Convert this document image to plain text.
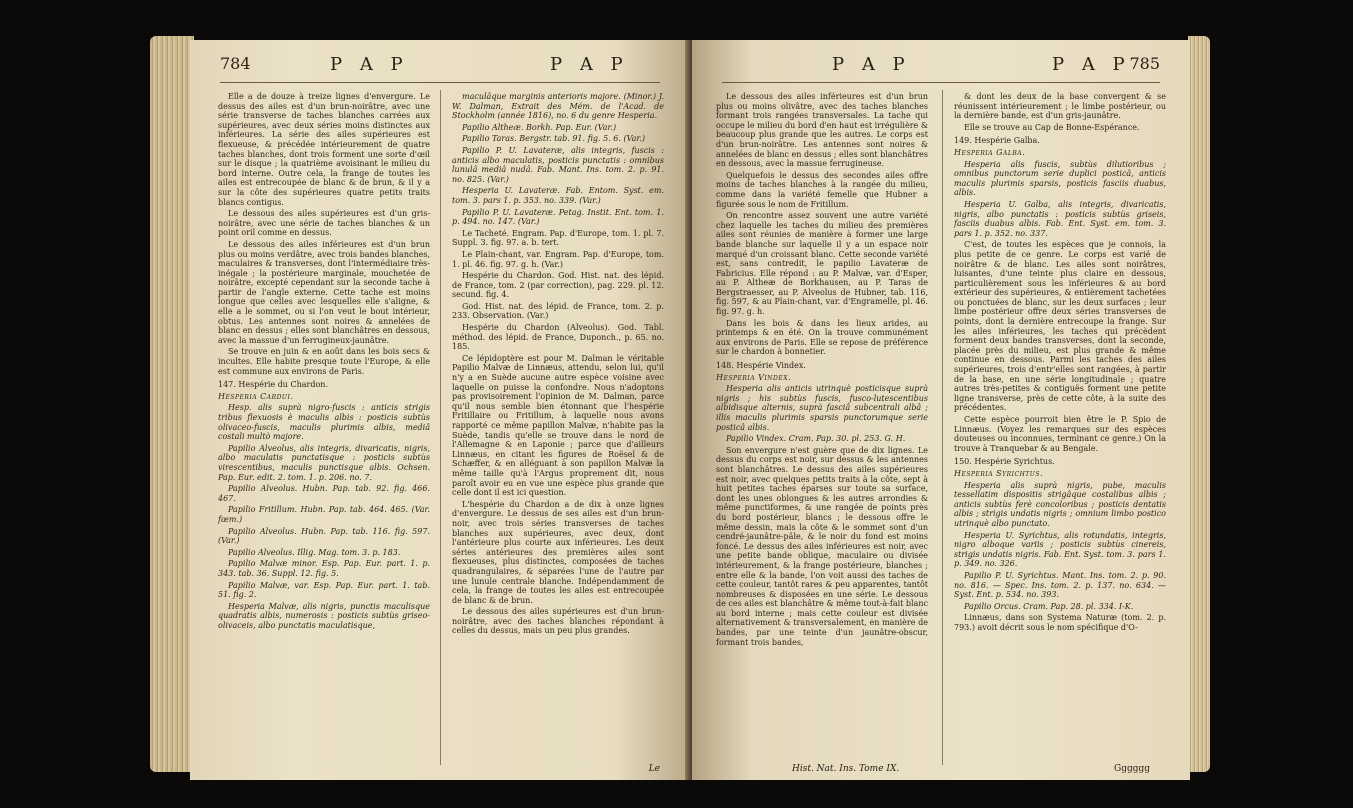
784	P A P	P A P

Elle a de douze à treize lignes d'envergure. Le dessus des ailes est d'un brun-noirâtre, avec une série transverse de taches blanches carrées aux supérieures, avec deux séries moins distinctes aux inférieures. La série des ailes supérieures est flexueuse, & précédée intérieurement de quatre taches blanches, dont trois forment une sorte d'œil sur le disque ; la quatrième avoisinant le milieu du bord interne. Outre cela, la frange de toutes les ailes est entrecoupée de blanc & de brun, & il y a sur la côte des supérieures quatre petits traits blancs contigus.

Le dessous des ailes supérieures est d'un gris-noirâtre, avec une série de taches blanches & un point oril comme en dessus.

Le dessous des ailes inférieures est d'un brun plus ou moins verdâtre, avec trois bandes blanches, maculaires & transverses, dont l'intermédiaire très-inégale ; la postérieure marginale, mouchetée de noirâtre, excepté cependant sur la seconde tache à partir de l'angle externe. Cette tache est moins longue que celles avec lesquelles elle s'aligne, & elle a le sommet, ou si l'on veut le bout intérieur, obtus. Les antennes sont noires & annelées de blanc en dessus ; elles sont blanchâtres en dessous, avec la massue d'un ferrugineux-jaunâtre.

Se trouve en juin & en août dans les bois secs & incultes. Elle habite presque toute l'Europe, & elle est commune aux environs de Paris.

147. Hespérie du Chardon.

Hesperia Cardui.

Hesp. alis suprà nigro-fuscis : anticis strigis tribus flexuosis è maculis albis : posticis subtùs olivaceo-fuscis, maculis plurimis albis, mediâ costali multò majore.

Papilio Alveolus, alis integris, divaricatis, nigris, albo maculatis punctatisque : posticis subtùs virescentibus, maculis punctisque albis. Ochsen. Pap. Eur. edit. 2. tom. 1. p. 206. no. 7.

Papilio Alveolus. Hubn. Pap. tab. 92. fig. 466. 467.

Papilio Fritillum. Hubn. Pap. tab. 464. 465. (Var. fœm.)

Papilio Alveolus. Hubn. Pap. tab. 116. fig. 597. (Var.)

Papilio Alveolus. Illig. Mag. tom. 3. p. 183.

Papilio Malvæ minor. Esp. Pap. Eur. part. 1. p. 343. tab. 36. Suppl. 12. fig. 5.

Papilio Malvæ, var. Esp. Pap. Eur. part. 1. tab. 51. fig. 2.

Hesperia Malvæ, alis nigris, punctis maculisque quadratis albis, numerosis : posticis subtùs griseo-olivaceis, albo punctatis maculatisque,

maculâque marginis anterioris majore. (Minor.) J. W. Dalman, Extrait des Mém. de l'Acad. de Stockholm (année 1816), no. 6 du genre Hesperia.

Papilio Altheæ. Borkh. Pap. Eur. (Var.)

Papilio Taras. Bergstr. tab. 91. fig. 5. 6. (Var.)

Papilio P. U. Lavateræ, alis integris, fuscis : anticis albo maculatis, posticis punctatis : omnibus lunulâ mediâ nudâ. Fab. Mant. Ins. tom. 2. p. 91. no. 825. (Var.)

Hesperia U. Lavateræ. Fab. Entom. Syst. em. tom. 3. pars 1. p. 353. no. 339. (Var.)

Papilio P. U. Lavateræ. Petag. Instit. Ent. tom. 1. p. 494. no. 147. (Var.)

Le Tacheté. Engram. Pap. d'Europe, tom. 1. pl. 7. Suppl. 3. fig. 97. a. b. tert.

Le Plain-chant, var. Engram. Pap. d'Europe, tom. 1. pl. 46. fig. 97. g. h. (Var.)

Hespérie du Chardon. God. Hist. nat. des lépid. de France, tom. 2 (par correction), pag. 229. pl. 12. secund. fig. 4.

God. Hist. nat. des lépid. de France, tom. 2. p. 233. Observation. (Var.)

Hespérie du Chardon (Alveolus). God. Tabl. méthod. des lépid. de France, Duponch., p. 65. no. 185.

Ce lépidoptère est pour M. Dalman le véritable Papilio Malvæ de Linnæus, attendu, selon lui, qu'il n'y a en Suède aucune autre espèce voisine avec laquelle on puisse la confondre. Nous n'adoptons pas provisoirement l'opinion de M. Dalman, parce qu'il nous semble bien étonnant que l'hespérie Fritillaire ou Fritillum, à laquelle nous avons rapporté ce même papillon Malvæ, n'habite pas la Suède, tandis qu'elle se trouve dans le nord de l'Allemagne & en Laponie ; parce que d'ailleurs Linnæus, en citant les figures de Roësel & de Schæffer, & en alléguant à son papillon Malvæ la même taille qu'à l'Argus proprement dit, nous paroît avoir eu en vue une espèce plus grande que celle dont il est ici question.

L'hespérie du Chardon a de dix à onze lignes d'envergure. Le dessus de ses ailes est d'un brun-noir, avec trois séries transverses de taches blanches aux supérieures, avec deux, dont l'antérieure plus courte aux inférieures. Les deux séries antérieures des premières ailes sont flexueuses, plus distinctes, composées de taches quadrangulaires, & séparées l'une de l'autre par une lunule centrale blanche. Indépendamment de cela, la frange de toutes les ailes est entrecoupée de blanc & de brun.

Le dessous des ailes supérieures est d'un brun-noirâtre, avec des taches blanches répondant à celles du dessus, mais un peu plus grandes.

Le
P A P	P A P
785

Le dessous des ailes inférieures est d'un brun plus ou moins olivâtre, avec des taches blanches formant trois rangées transversales. La tache qui occupe le milieu du bord d'en haut est irrégulière & beaucoup plus grande que les autres. Le corps est d'un brun-noirâtre. Les antennes sont noires & annelées de blanc en dessus ; elles sont blanchâtres en dessous, avec la massue ferrugineuse.

Quelquefois le dessus des secondes ailes offre moins de taches blanches à la rangée du milieu, comme dans la variété femelle que Hubner a figurée sous le nom de Fritillum.

On rencontre assez souvent une autre variété chez laquelle les taches du milieu des premières ailes sont réunies de manière à former une large bande blanche sur laquelle il y a un espace noir marqué d'un croissant blanc. Cette seconde variété est, sans contredit, le papilio Lavateræ de Fabricius. Elle répond : au P. Malvæ, var. d'Esper, au P. Altheæ de Borkhausen, au P. Taras de Bergstraesser, au P. Alveolus de Hubner, tab. 116, fig. 597, & au Plain-chant, var. d'Engramelle, pl. 46. fig. 97. g. h.

Dans les bois & dans les lieux arides, au printemps & en été. On la trouve communément aux environs de Paris. Elle se repose de préférence sur le chardon à bonnetier.

148. Hespérie Vindex.

Hesperia Vindex.

Hesperia alis anticis utrinquè posticisque suprà nigris ; his subtùs fuscis, fusco-lutescentibus albidisque alternis, suprà fasciâ subcentrali albâ ; illis maculis plurimis sparsis punctorumque serie posticâ albis.

Papilio Vindex. Cram. Pap. 30. pl. 253. G. H.

Son envergure n'est guère que de dix lignes. Le dessus du corps est noir, sur dessus & les antennes sont blanchâtres. Le dessus des ailes supérieures est noir, avec quelques petits traits à la côte, sept à huit petites taches éparses sur toute sa surface, dont les unes oblongues & les autres arrondies & même punctiformes, & une rangée de points près du bord postérieur, blancs ; le dessous offre le même dessin, mais la côte & le sommet sont d'un cendré-jaunâtre-pâle, & le noir du fond est moins foncé. Le dessus des ailes inférieures est noir, avec une petite bande oblique, maculaire ou divisée intérieurement, & la frange postérieure, blanches ; entre elle & la bande, l'on voit aussi des taches de cette couleur, tantôt rares & peu apparentes, tantôt nombreuses & disposées en une série. Le dessous de ces ailes est blanchâtre & même tout-à-fait blanc au bord interne ; mais cette couleur est divisée alternativement & transversalement, en manière de bandes, par une teinte d'un jaunâtre-obscur, formant trois bandes,

& dont les deux de la base convergent & se réunissent intérieurement ; le limbe postérieur, ou la dernière bande, est d'un gris-jaunâtre.

Elle se trouve au Cap de Bonne-Espérance.

149. Hespérie Galba.

Hesperia Galba.

Hesperia alis fuscis, subtùs dilutioribus ; omnibus punctorum serie duplici posticâ, anticis maculis plurimis sparsis, posticis fasciis duabus, albis.

Hesperia U. Galba, alis integris, divaricatis, nigris, albo punctatis : posticis subtùs griseis, fasciis duabus albis. Fab. Ent. Syst. em. tom. 3. pars 1. p. 352. no. 337.

C'est, de toutes les espèces que je connois, la plus petite de ce genre. Le corps est varié de noirâtre & de blanc. Les ailes sont noirâtres, luisantes, d'une teinte plus claire en dessous, particulièrement sous les inférieures & au bord extérieur des supérieures, & entièrement tachetées ou ponctuées de blanc, sur les deux surfaces ; leur limbe postérieur offre deux séries transverses de points, dont la dernière entrecoupe la frange. Sur les ailes inférieures, les taches qui précèdent forment deux bandes transverses, dont la seconde, placée près du milieu, est plus grande & même continue en dessous. Parmi les taches des ailes supérieures, trois d'entr'elles sont rangées, à partir de la base, en une série longitudinale ; quatre autres très-petites & contiguës forment une petite ligne transverse, près de cette côte, à la suite des précédentes.

Cette espèce pourroit bien être le P. Spio de Linnæus. (Voyez les remarques sur des espèces douteuses ou inconnues, terminant ce genre.) On la trouve à Tranquebar & au Bengale.

150. Hespérie Syrichtus.

Hesperia Syrichtus.

Hesperia alis suprà nigris, pube, maculis tessellatim dispositis strigâque costalibus albis ; anticis subtùs ferè concoloribus ; posticis dentatis albis ; strigis undatis nigris ; omnium limbo postico utrinquè albo punctato.

Hesperia U. Syrichtus, alis rotundatis, integris, nigro alboque variis ; posticis subtùs cinereis, strigis undatis nigris. Fab. Ent. Syst. tom. 3. pars 1. p. 349. no. 326.

Papilio P. U. Syrichtus. Mant. Ins. tom. 2. p. 90. no. 816. — Spec. Ins. tom. 2. p. 137. no. 634. — Syst. Ent. p. 534. no. 393.

Papilio Orcus. Cram. Pap. 28. pl. 334. I-K.

Linnæus, dans son Systema Naturæ (tom. 2. p. 793.) avoit décrit sous le nom spécifique d'O-

Hist. Nat. Ins. Tome IX.	Gggggg
